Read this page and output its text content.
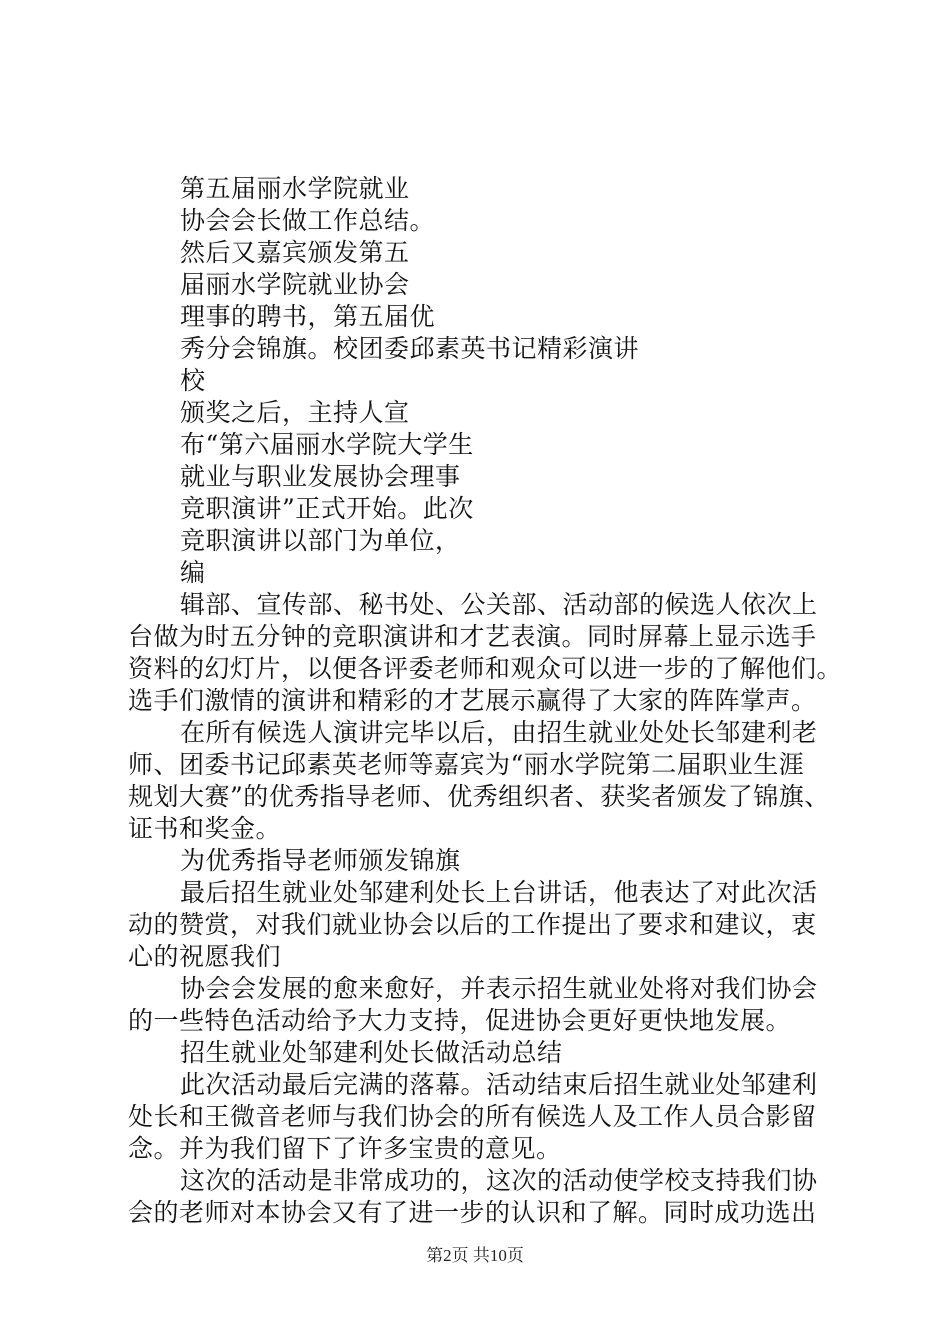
第五届丽水学院就业
协会会长做工作总结。
然后又嘉宾颁发第五
届丽水学院就业协会
理事的聘书，第五届优
秀分会锦旗。校团委邱素英书记精彩演讲
校
颁奖之后，主持人宣
布“第六届丽水学院大学生
就业与职业发展协会理事
竞职演讲”正式开始。此次
竞职演讲以部门为单位，
编
辑部、宣传部、秘书处、公关部、活动部的候选人依次上
台做为时五分钟的竞职演讲和才艺表演。同时屏幕上显示选手
资料的幻灯片，以便各评委老师和观众可以进一步的了解他们。
选手们激情的演讲和精彩的才艺展示赢得了大家的阵阵掌声。
在所有候选人演讲完毕以后，由招生就业处处长邹建利老
师、团委书记邱素英老师等嘉宾为“丽水学院第二届职业生涯
规划大赛”的优秀指导老师、优秀组织者、获奖者颁发了锦旗、
证书和奖金。
为优秀指导老师颁发锦旗
最后招生就业处邹建利处长上台讲话，他表达了对此次活
动的赞赏，对我们就业协会以后的工作提出了要求和建议，衷
心的祝愿我们
协会会发展的愈来愈好，并表示招生就业处将对我们协会
的一些特色活动给予大力支持，促进协会更好更快地发展。
招生就业处邹建利处长做活动总结
此次活动最后完满的落幕。活动结束后招生就业处邹建利
处长和王微音老师与我们协会的所有候选人及工作人员合影留
念。并为我们留下了许多宝贵的意见。
这次的活动是非常成功的，这次的活动使学校支持我们协
会的老师对本协会又有了进一步的认识和了解。同时成功选出
第2页 共10页
